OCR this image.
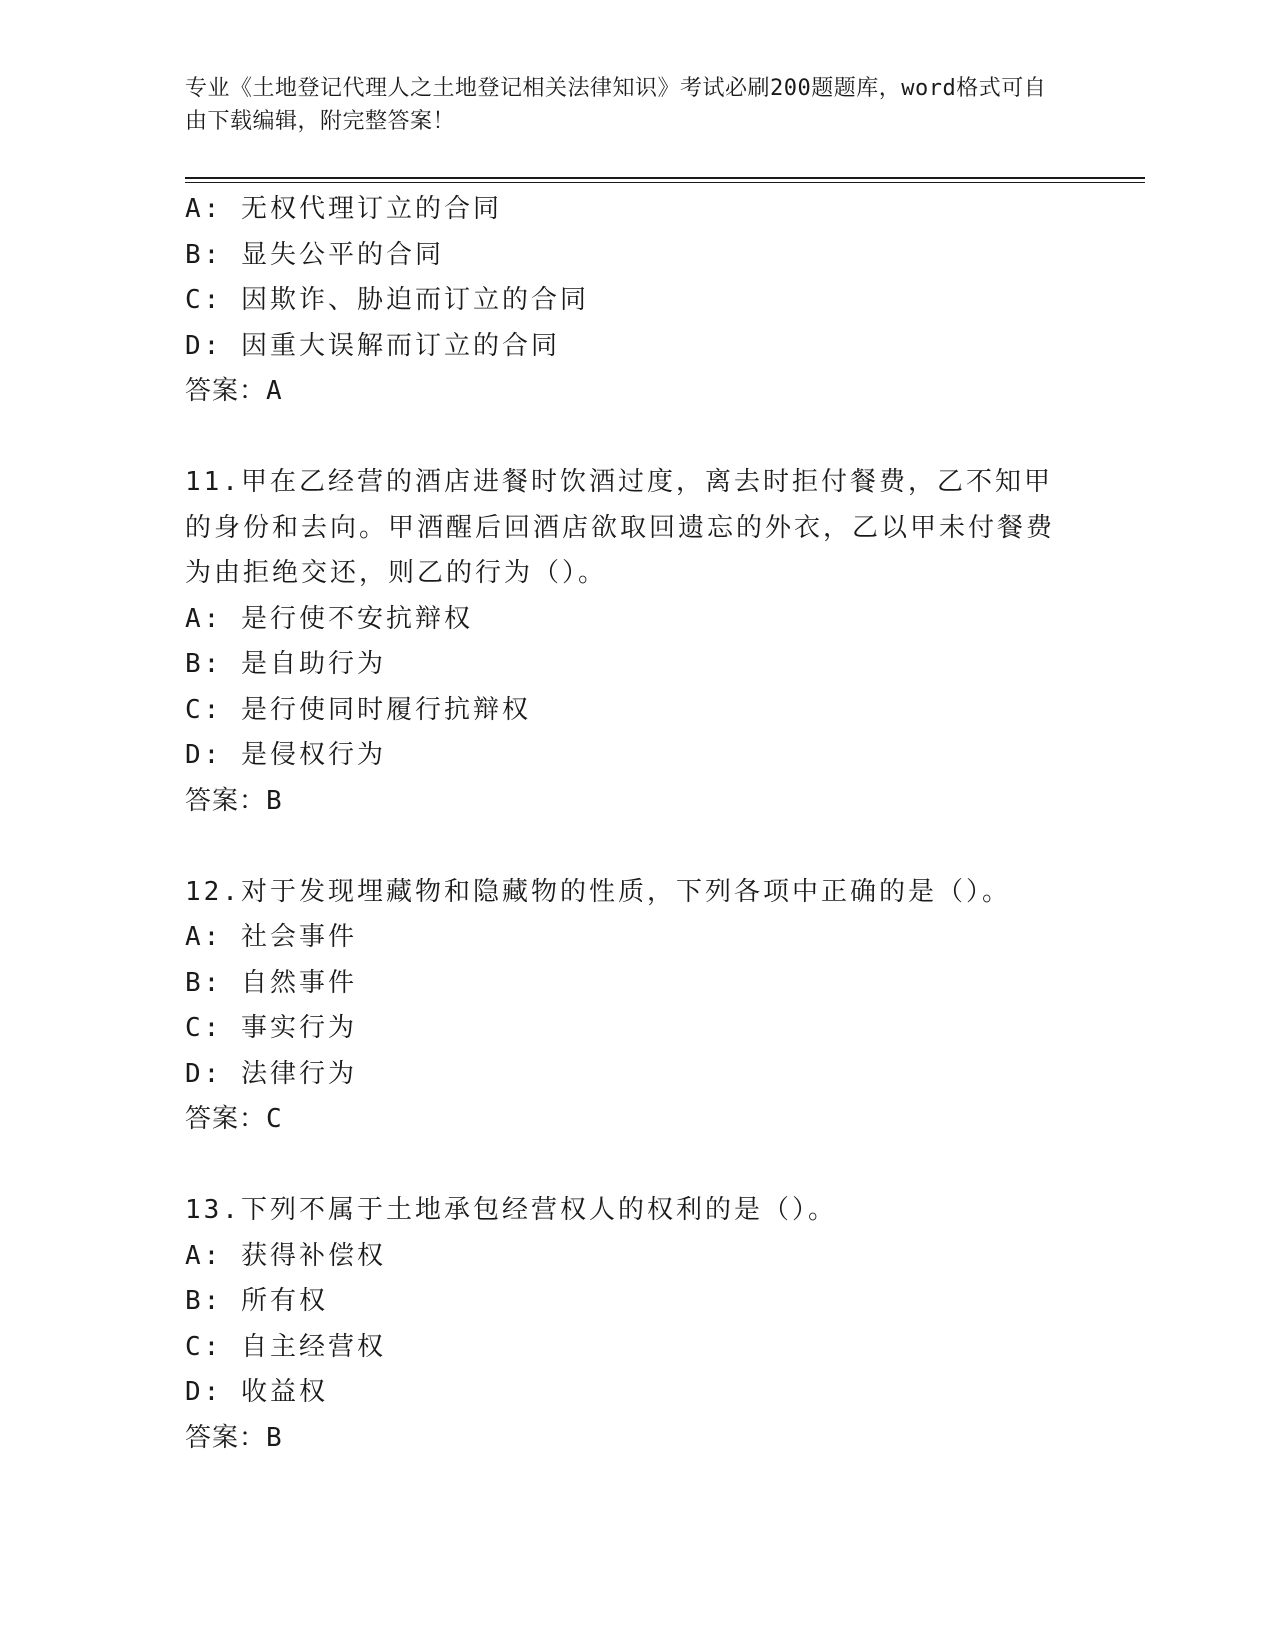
专业《土地登记代理人之土地登记相关法律知识》考试必刷200题题库，word格式可自由下载编辑，附完整答案！
A: 无权代理订立的合同
B: 显失公平的合同
C: 因欺诈、胁迫而订立的合同
D: 因重大误解而订立的合同
答案：A
11.甲在乙经营的酒店进餐时饮酒过度，离去时拒付餐费，乙不知甲的身份和去向。甲酒醒后回酒店欲取回遗忘的外衣，乙以甲未付餐费为由拒绝交还，则乙的行为（）。
A: 是行使不安抗辩权
B: 是自助行为
C: 是行使同时履行抗辩权
D: 是侵权行为
答案：B
12.对于发现埋藏物和隐藏物的性质，下列各项中正确的是（）。
A: 社会事件
B: 自然事件
C: 事实行为
D: 法律行为
答案：C
13.下列不属于土地承包经营权人的权利的是（）。
A: 获得补偿权
B: 所有权
C: 自主经营权
D: 收益权
答案：B
